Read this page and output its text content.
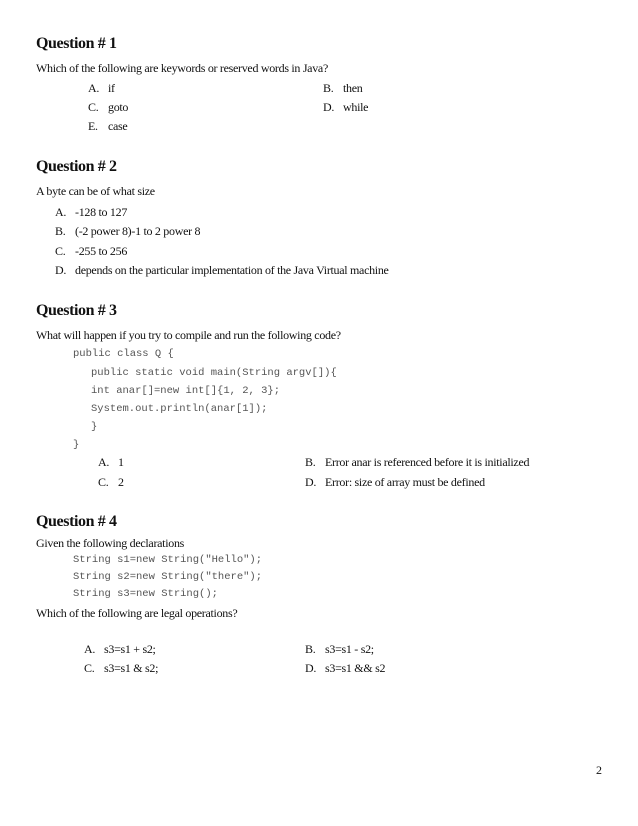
Question # 1
Which of the following are keywords or reserved words in Java?
A. if	B. then
C. goto	D. while
E. case
Question # 2
A byte can be of what size
A. -128 to 127
B. (-2 power 8)-1 to 2 power 8
C. -255 to 256
D. depends on the particular implementation of the Java Virtual machine
Question # 3
What will happen if you try to compile and run the following code?
public class Q {
public static void main(String argv[]){
int anar[]=new int[]{1, 2, 3};
System.out.println(anar[1]);
}
}
A. 1	B. Error anar is referenced before it is initialized
C. 2	D. Error: size of array must be defined
Question # 4
Given the following declarations
String s1=new String("Hello");
String s2=new String("there");
String s3=new String();
Which of the following are legal operations?
A. s3=s1 + s2;	B. s3=s1 - s2;
C. s3=s1 & s2;	D. s3=s1 && s2
2
